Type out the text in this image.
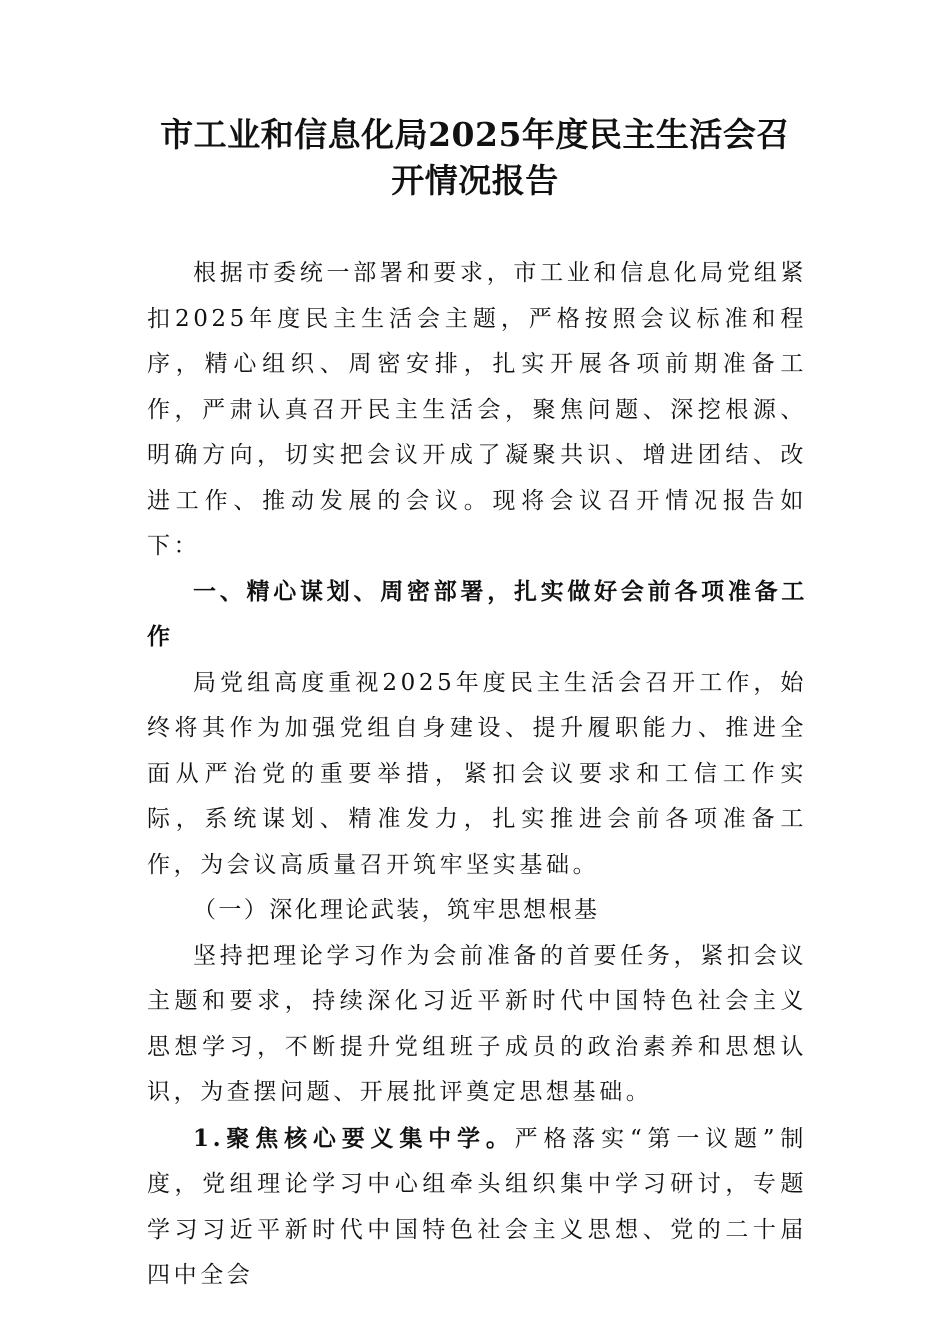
市工业和信息化局2025年度民主生活会召
开情况报告

根据市委统一部署和要求，市工业和信息化局党组紧扣2025年度民主生活会主题，严格按照会议标准和程序，精心组织、周密安排，扎实开展各项前期准备工作，严肃认真召开民主生活会，聚焦问题、深挖根源、明确方向，切实把会议开成了凝聚共识、增进团结、改进工作、推动发展的会议。现将会议召开情况报告如下：

一、精心谋划、周密部署，扎实做好会前各项准备工作

局党组高度重视2025年度民主生活会召开工作，始终将其作为加强党组自身建设、提升履职能力、推进全面从严治党的重要举措，紧扣会议要求和工信工作实际，系统谋划、精准发力，扎实推进会前各项准备工作，为会议高质量召开筑牢坚实基础。

（一）深化理论武装，筑牢思想根基

坚持把理论学习作为会前准备的首要任务，紧扣会议主题和要求，持续深化习近平新时代中国特色社会主义思想学习，不断提升党组班子成员的政治素养和思想认识，为查摆问题、开展批评奠定思想基础。

1.聚焦核心要义集中学。严格落实“第一议题”制度，党组理论学习中心组牵头组织集中学习研讨，专题学习习近平新时代中国特色社会主义思想、党的二十届四中全会
